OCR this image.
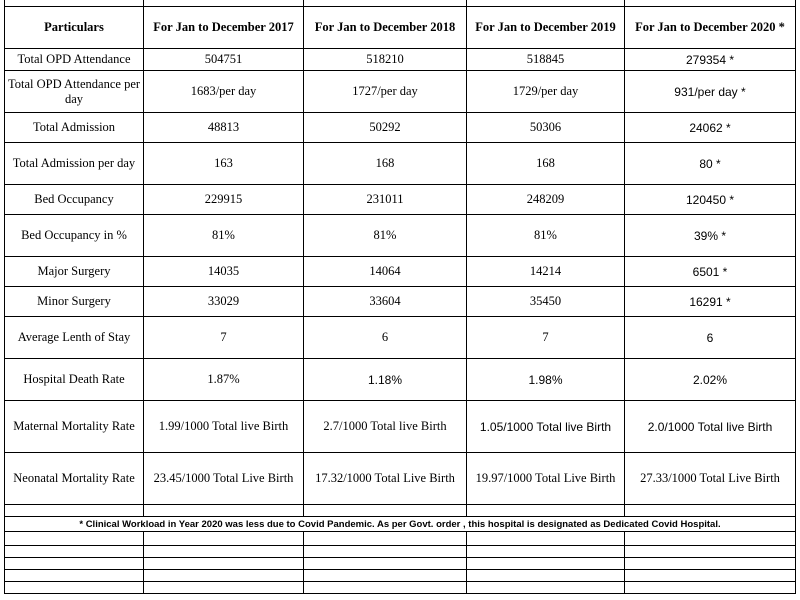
Particulars	For Jan to December 2017	For Jan to December 2018	For Jan to December 2019	For Jan to December 2020 *
Total OPD Attendance	504751	518210	518845	279354 *
Total OPD Attendance per day	1683/per day	1727/per day	1729/per day	931/per day *
Total Admission	48813	50292	50306	24062 *
Total Admission per day	163	168	168	80 *
Bed Occupancy	229915	231011	248209	120450 *
Bed Occupancy in %	81%	81%	81%	39% *
Major Surgery	14035	14064	14214	6501 *
Minor Surgery	33029	33604	35450	16291 *
Average Lenth of Stay	7	6	7	6
Hospital Death Rate	1.87%	1.18%	1.98%	2.02%
Maternal Mortality Rate	1.99/1000 Total live Birth	2.7/1000 Total live Birth	1.05/1000 Total live Birth	2.0/1000 Total live Birth
Neonatal Mortality Rate	23.45/1000 Total Live Birth	17.32/1000 Total Live Birth	19.97/1000 Total Live Birth	27.33/1000 Total Live Birth

* Clinical Workload in Year 2020 was less due to Covid Pandemic. As per Govt. order , this hospital is designated as Dedicated Covid Hospital.				
